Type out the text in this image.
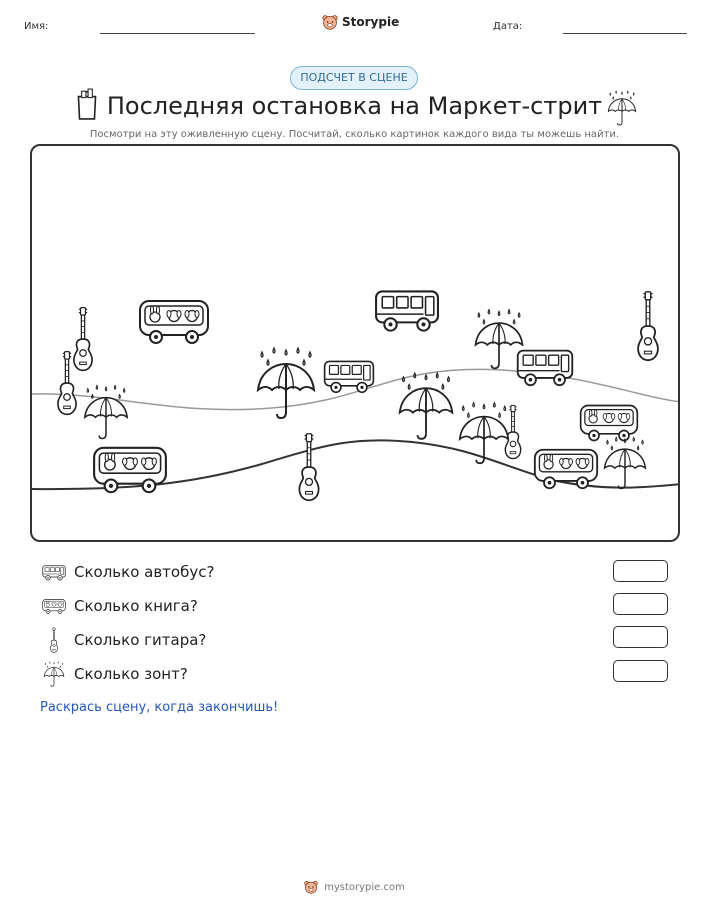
Имя:	Storypie	Дата:
ПОДСЧЕТ В СЦЕНЕ
Последняя остановка на Маркет-стрит
Посмотри на эту оживленную сцену. Посчитай, сколько картинок каждого вида ты можешь найти.
Сколько автобус?
Сколько книга?
Сколько гитара?
Сколько зонт?
Раскрась сцену, когда закончишь!
mystorypie.com
